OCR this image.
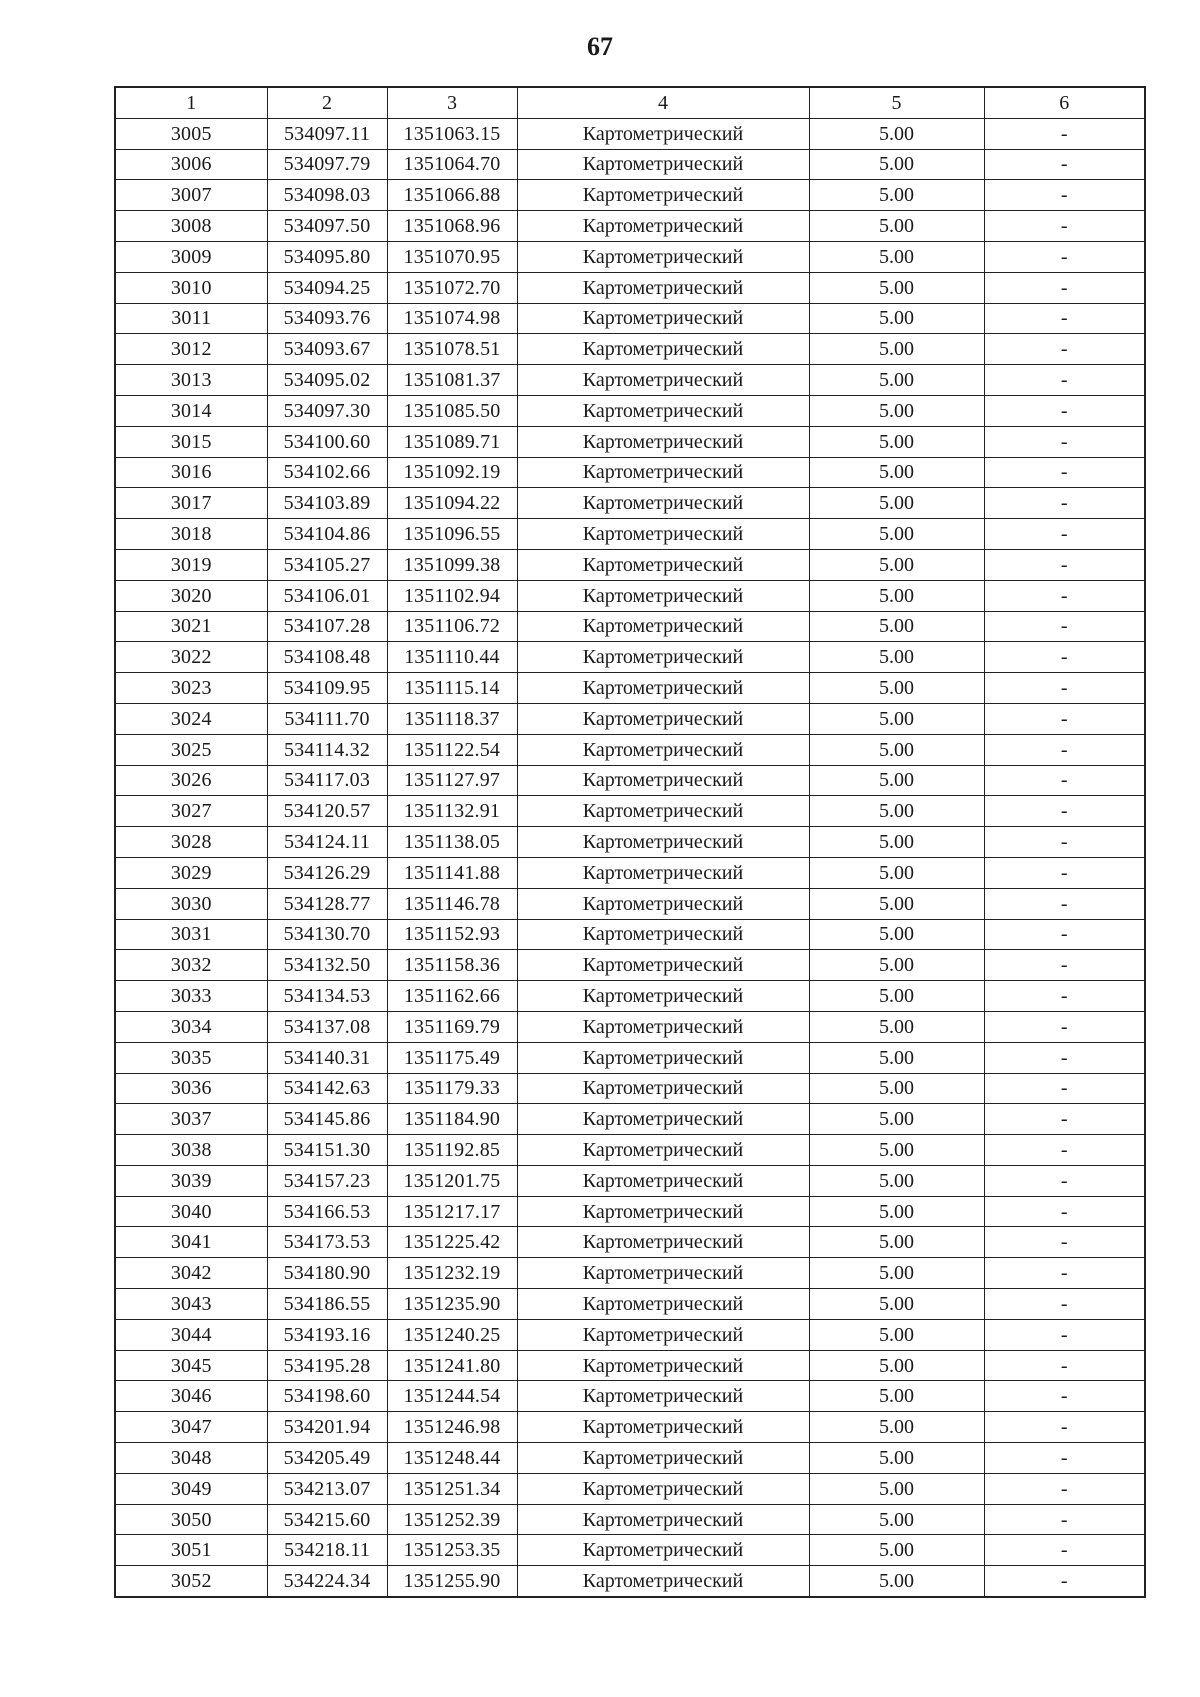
67
1	2	3	4	5	6
3005	534097.11	1351063.15	Картометрический	5.00	-
3006	534097.79	1351064.70	Картометрический	5.00	-
3007	534098.03	1351066.88	Картометрический	5.00	-
3008	534097.50	1351068.96	Картометрический	5.00	-
3009	534095.80	1351070.95	Картометрический	5.00	-
3010	534094.25	1351072.70	Картометрический	5.00	-
3011	534093.76	1351074.98	Картометрический	5.00	-
3012	534093.67	1351078.51	Картометрический	5.00	-
3013	534095.02	1351081.37	Картометрический	5.00	-
3014	534097.30	1351085.50	Картометрический	5.00	-
3015	534100.60	1351089.71	Картометрический	5.00	-
3016	534102.66	1351092.19	Картометрический	5.00	-
3017	534103.89	1351094.22	Картометрический	5.00	-
3018	534104.86	1351096.55	Картометрический	5.00	-
3019	534105.27	1351099.38	Картометрический	5.00	-
3020	534106.01	1351102.94	Картометрический	5.00	-
3021	534107.28	1351106.72	Картометрический	5.00	-
3022	534108.48	1351110.44	Картометрический	5.00	-
3023	534109.95	1351115.14	Картометрический	5.00	-
3024	534111.70	1351118.37	Картометрический	5.00	-
3025	534114.32	1351122.54	Картометрический	5.00	-
3026	534117.03	1351127.97	Картометрический	5.00	-
3027	534120.57	1351132.91	Картометрический	5.00	-
3028	534124.11	1351138.05	Картометрический	5.00	-
3029	534126.29	1351141.88	Картометрический	5.00	-
3030	534128.77	1351146.78	Картометрический	5.00	-
3031	534130.70	1351152.93	Картометрический	5.00	-
3032	534132.50	1351158.36	Картометрический	5.00	-
3033	534134.53	1351162.66	Картометрический	5.00	-
3034	534137.08	1351169.79	Картометрический	5.00	-
3035	534140.31	1351175.49	Картометрический	5.00	-
3036	534142.63	1351179.33	Картометрический	5.00	-
3037	534145.86	1351184.90	Картометрический	5.00	-
3038	534151.30	1351192.85	Картометрический	5.00	-
3039	534157.23	1351201.75	Картометрический	5.00	-
3040	534166.53	1351217.17	Картометрический	5.00	-
3041	534173.53	1351225.42	Картометрический	5.00	-
3042	534180.90	1351232.19	Картометрический	5.00	-
3043	534186.55	1351235.90	Картометрический	5.00	-
3044	534193.16	1351240.25	Картометрический	5.00	-
3045	534195.28	1351241.80	Картометрический	5.00	-
3046	534198.60	1351244.54	Картометрический	5.00	-
3047	534201.94	1351246.98	Картометрический	5.00	-
3048	534205.49	1351248.44	Картометрический	5.00	-
3049	534213.07	1351251.34	Картометрический	5.00	-
3050	534215.60	1351252.39	Картометрический	5.00	-
3051	534218.11	1351253.35	Картометрический	5.00	-
3052	534224.34	1351255.90	Картометрический	5.00	-
